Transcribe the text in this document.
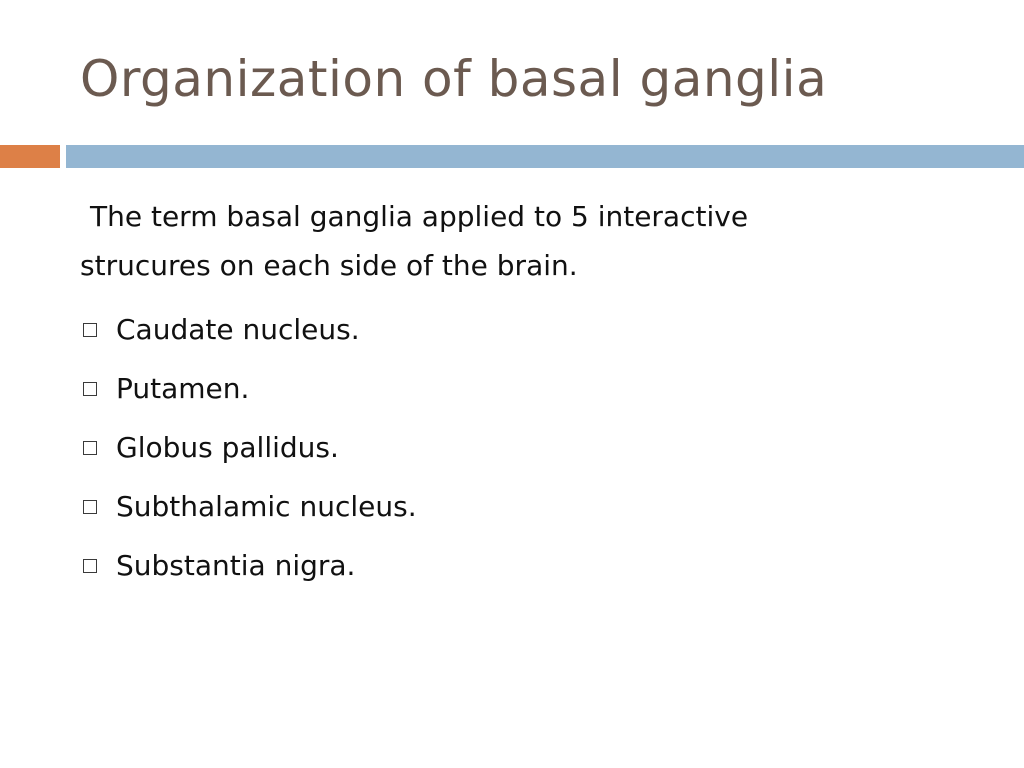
Organization of basal ganglia

The term basal ganglia applied to 5 interactive
strucures on each side of the brain.

Caudate nucleus.
Putamen.
Globus pallidus.
Subthalamic nucleus.
Substantia nigra.
